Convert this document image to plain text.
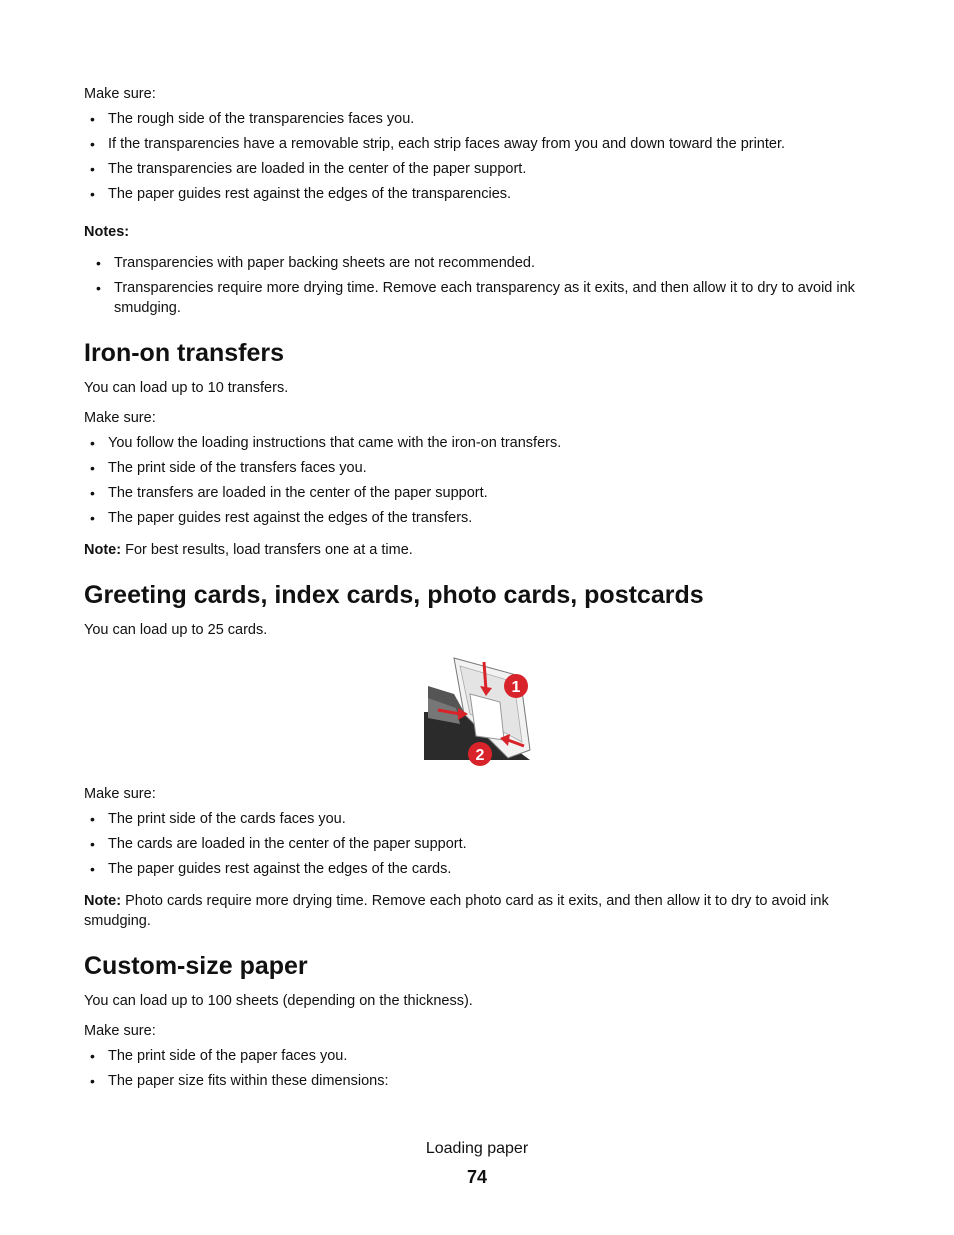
Make sure:

• The rough side of the transparencies faces you.
• If the transparencies have a removable strip, each strip faces away from you and down toward the printer.
• The transparencies are loaded in the center of the paper support.
• The paper guides rest against the edges of the transparencies.

Notes:

• Transparencies with paper backing sheets are not recommended.
• Transparencies require more drying time. Remove each transparency as it exits, and then allow it to dry to avoid ink smudging.
Iron-on transfers

You can load up to 10 transfers.

Make sure:

• You follow the loading instructions that came with the iron-on transfers.
• The print side of the transfers faces you.
• The transfers are loaded in the center of the paper support.
• The paper guides rest against the edges of the transfers.

Note: For best results, load transfers one at a time.

Greeting cards, index cards, photo cards, postcards

You can load up to 25 cards.

1
2

Make sure:

• The print side of the cards faces you.
• The cards are loaded in the center of the paper support.
• The paper guides rest against the edges of the cards.

Note: Photo cards require more drying time. Remove each photo card as it exits, and then allow it to dry to avoid ink smudging.

Custom-size paper

You can load up to 100 sheets (depending on the thickness).

Make sure:

• The print side of the paper faces you.
• The paper size fits within these dimensions:
Loading paper
74
